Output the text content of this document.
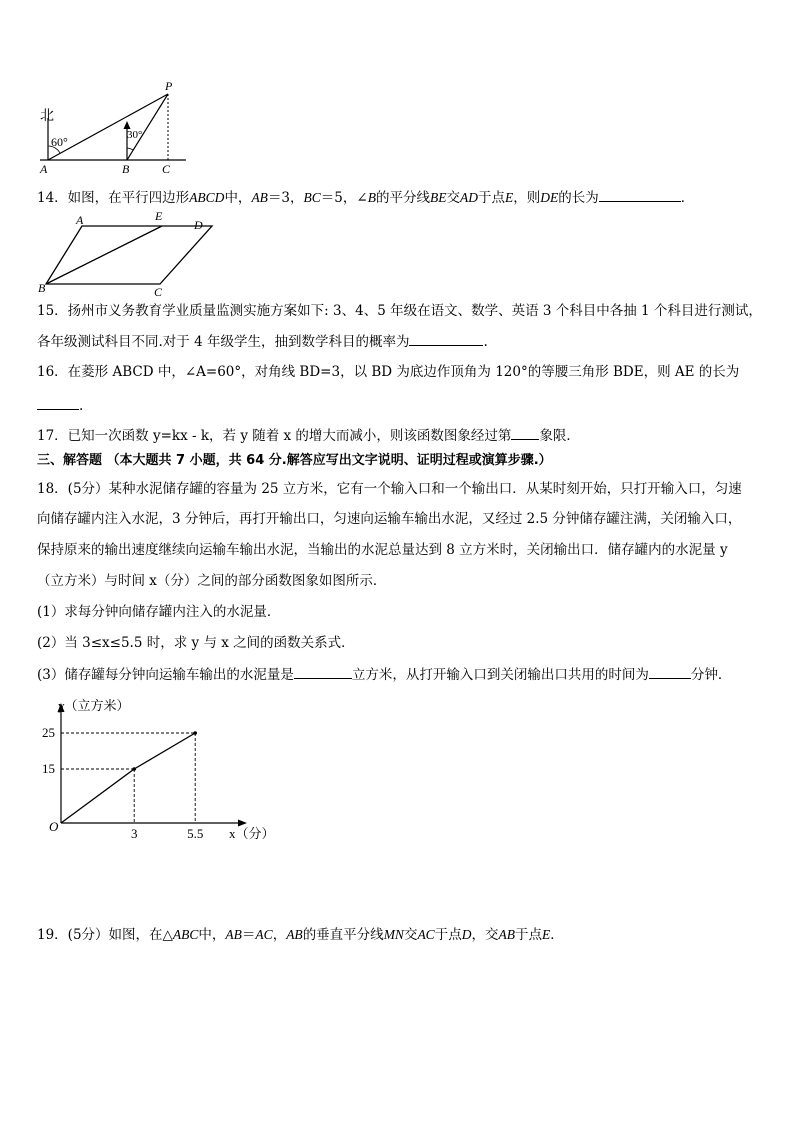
北
60°	30°
P
A	B	C
14．如图，在平行四边形ABCD中，AB＝3，BC＝5，∠B的平分线BE交AD于点E，则DE的长为	．
A	E
D
B	C
15．扬州市义务教育学业质量监测实施方案如下: 3、4、5 年级在语文、数学、英语 3 个科目中各抽 1 个科目进行测试，
各年级测试科目不同.对于 4 年级学生，抽到数学科目的概率为	.
16．在菱形 ABCD 中，∠A=60°，对角线 BD=3，以 BD 为底边作顶角为 120°的等腰三角形 BDE，则 AE 的长为
.
17．已知一次函数 y=kx - k，若 y 随着 x 的增大而减小，则该函数图象经过第 象限．
三、解答题 （本大题共 7 小题，共 64 分.解答应写出文字说明、证明过程或演算步骤.）
18．(5分）某种水泥储存罐的容量为 25 立方米，它有一个输入口和一个输出口．从某时刻开始，只打开输入口，匀速
向储存罐内注入水泥，3 分钟后，再打开输出口，匀速向运输车输出水泥，又经过 2.5 分钟储存罐注满，关闭输入口，
保持原来的输出速度继续向运输车输出水泥，当输出的水泥总量达到 8 立方米时，关闭输出口．储存罐内的水泥量 y
（立方米）与时间 x（分）之间的部分函数图象如图所示．
(1）求每分钟向储存罐内注入的水泥量．
(2）当 3≤x≤5.5 时，求 y 与 x 之间的函数关系式．
(3）储存罐每分钟向运输车输出的水泥量是	立方米，从打开输入口到关闭输出口共用的时间为	分钟．
3	5.5
15
25
y（立方米）
x（分）
O
19．(5分）如图，在△ABC中，AB＝AC，AB的垂直平分线MN交AC于点D，交AB于点E．
